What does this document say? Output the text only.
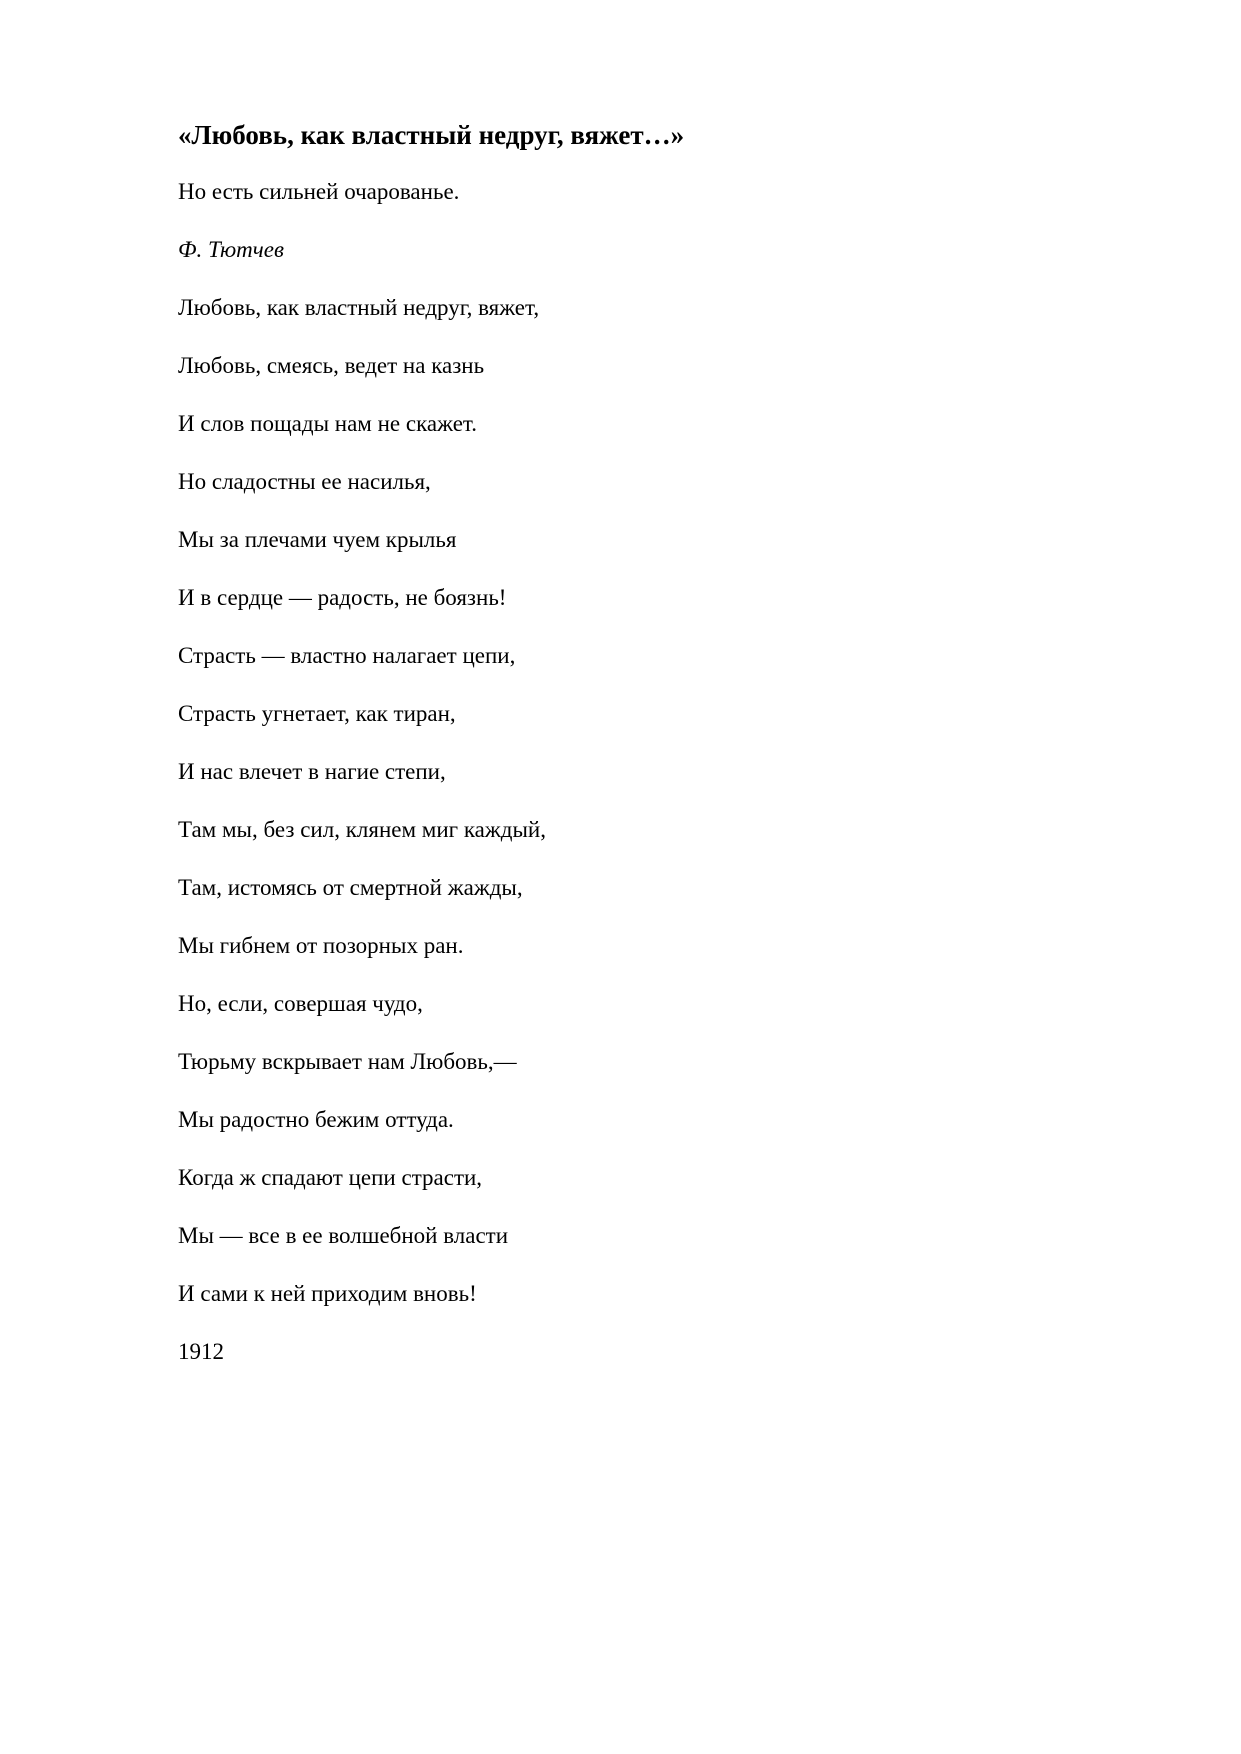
«Любовь, как властный недруг, вяжет…»
Но есть сильней очарованье.
Ф. Тютчев
Любовь, как властный недруг, вяжет,
Любовь, смеясь, ведет на казнь
И слов пощады нам не скажет.
Но сладостны ее насилья,
Мы за плечами чуем крылья
И в сердце — радость, не боязнь!
Страсть — властно налагает цепи,
Страсть угнетает, как тиран,
И нас влечет в нагие степи,
Там мы, без сил, клянем миг каждый,
Там, истомясь от смертной жажды,
Мы гибнем от позорных ран.
Но, если, совершая чудо,
Тюрьму вскрывает нам Любовь,—
Мы радостно бежим оттуда.
Когда ж спадают цепи страсти,
Мы — все в ее волшебной власти
И сами к ней приходим вновь!
1912
